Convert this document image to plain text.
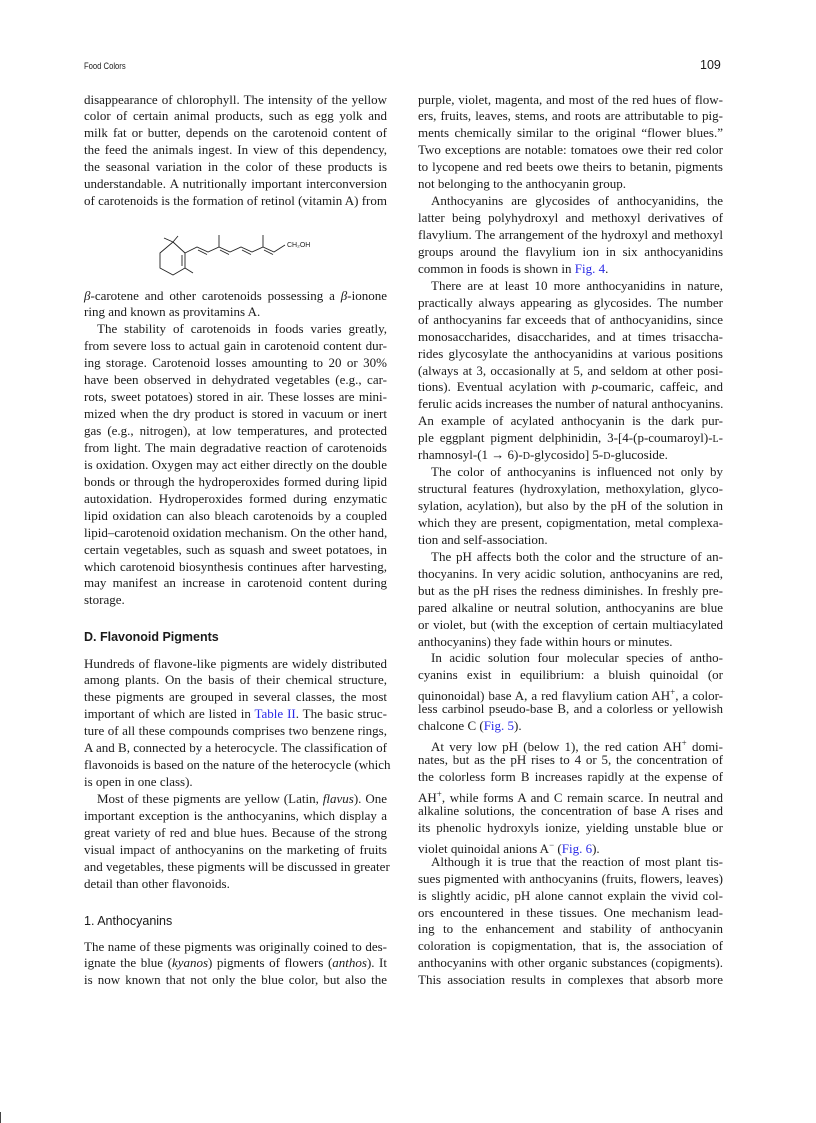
Food Colors	109
disappearance of chlorophyll. The intensity of the yellow
color of certain animal products, such as egg yolk and
milk fat or butter, depends on the carotenoid content of
the feed the animals ingest. In view of this dependency,
the seasonal variation in the color of these products is
understandable. A nutritionally important interconversion
of carotenoids is the formation of retinol (vitamin A) from
CH₂OH
β-carotene and other carotenoids possessing a β-ionone
ring and known as provitamins A.
The stability of carotenoids in foods varies greatly,
from severe loss to actual gain in carotenoid content dur-
ing storage. Carotenoid losses amounting to 20 or 30%
have been observed in dehydrated vegetables (e.g., car-
rots, sweet potatoes) stored in air. These losses are mini-
mized when the dry product is stored in vacuum or inert
gas (e.g., nitrogen), at low temperatures, and protected
from light. The main degradative reaction of carotenoids
is oxidation. Oxygen may act either directly on the double
bonds or through the hydroperoxides formed during lipid
autoxidation. Hydroperoxides formed during enzymatic
lipid oxidation can also bleach carotenoids by a coupled
lipid–carotenoid oxidation mechanism. On the other hand,
certain vegetables, such as squash and sweet potatoes, in
which carotenoid biosynthesis continues after harvesting,
may manifest an increase in carotenoid content during
storage.
D. Flavonoid Pigments
Hundreds of flavone-like pigments are widely distributed
among plants. On the basis of their chemical structure,
these pigments are grouped in several classes, the most
important of which are listed in Table II. The basic struc-
ture of all these compounds comprises two benzene rings,
A and B, connected by a heterocycle. The classification of
flavonoids is based on the nature of the heterocycle (which
is open in one class).
Most of these pigments are yellow (Latin, flavus). One
important exception is the anthocyanins, which display a
great variety of red and blue hues. Because of the strong
visual impact of anthocyanins on the marketing of fruits
and vegetables, these pigments will be discussed in greater
detail than other flavonoids.
1. Anthocyanins
The name of these pigments was originally coined to des-
ignate the blue (kyanos) pigments of flowers (anthos). It
is now known that not only the blue color, but also the
purple, violet, magenta, and most of the red hues of flow-
ers, fruits, leaves, stems, and roots are attributable to pig-
ments chemically similar to the original “flower blues.”
Two exceptions are notable: tomatoes owe their red color
to lycopene and red beets owe theirs to betanin, pigments
not belonging to the anthocyanin group.
Anthocyanins are glycosides of anthocyanidins, the
latter being polyhydroxyl and methoxyl derivatives of
flavylium. The arrangement of the hydroxyl and methoxyl
groups around the flavylium ion in six anthocyanidins
common in foods is shown in Fig. 4.
There are at least 10 more anthocyanidins in nature,
practically always appearing as glycosides. The number
of anthocyanins far exceeds that of anthocyanidins, since
monosaccharides, disaccharides, and at times trisaccha-
rides glycosylate the anthocyanidins at various positions
(always at 3, occasionally at 5, and seldom at other posi-
tions). Eventual acylation with p-coumaric, caffeic, and
ferulic acids increases the number of natural anthocyanins.
An example of acylated anthocyanin is the dark pur-
ple eggplant pigment delphinidin, 3-[4-(p-coumaroyl)-L-
rhamnosyl-(1 → 6)-D-glycosido] 5-D-glucoside.
The color of anthocyanins is influenced not only by
structural features (hydroxylation, methoxylation, glyco-
sylation, acylation), but also by the pH of the solution in
which they are present, copigmentation, metal complexa-
tion and self-association.
The pH affects both the color and the structure of an-
thocyanins. In very acidic solution, anthocyanins are red,
but as the pH rises the redness diminishes. In freshly pre-
pared alkaline or neutral solution, anthocyanins are blue
or violet, but (with the exception of certain multiacylated
anthocyanins) they fade within hours or minutes.
In acidic solution four molecular species of antho-
cyanins exist in equilibrium: a bluish quinoidal (or
quinonoidal) base A, a red flavylium cation AH+, a color-
less carbinol pseudo-base B, and a colorless or yellowish
chalcone C (Fig. 5).
At very low pH (below 1), the red cation AH+ domi-
nates, but as the pH rises to 4 or 5, the concentration of
the colorless form B increases rapidly at the expense of
AH+, while forms A and C remain scarce. In neutral and
alkaline solutions, the concentration of base A rises and
its phenolic hydroxyls ionize, yielding unstable blue or
violet quinoidal anions A− (Fig. 6).
Although it is true that the reaction of most plant tis-
sues pigmented with anthocyanins (fruits, flowers, leaves)
is slightly acidic, pH alone cannot explain the vivid col-
ors encountered in these tissues. One mechanism lead-
ing to the enhancement and stability of anthocyanin
coloration is copigmentation, that is, the association of
anthocyanins with other organic substances (copigments).
This association results in complexes that absorb more
